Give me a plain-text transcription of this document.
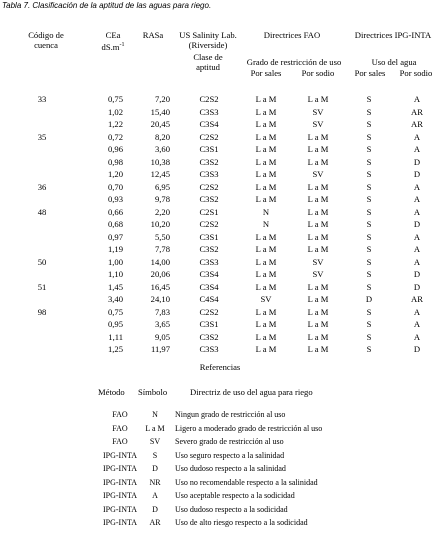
Tabla 7. Clasificación de la aptitud de las aguas para riego.
Código de
cuenca
CEa
$dS.m^{-1}$
RASa	US Salinity Lab.
(Riverside)
Clase de
aptitud
Directrices FAO
Grado de restricción de uso
Por sales	Por sodio
Directrices IPG-INTA
Uso del agua
Por sales	Por sodio
33	0,75	7,20	C2S2	L a M	L a M	S	A
1,02	15,40	C3S3	L a M	SV	S	AR
1,22	20,45	C3S4	L a M	SV	S	AR
35	0,72	8,20	C2S2	L a M	L a M	S	A
0,96	3,60	C3S1	L a M	L a M	S	A
0,98	10,38	C3S2	L a M	L a M	S	D
1,20	12,45	C3S3	L a M	SV	S	D
36	0,70	6,95	C2S2	L a M	L a M	S	A
0,93	9,78	C3S2	L a M	L a M	S	A
48	0,66	2,20	C2S1	N	L a M	S	A
0,68	10,20	C2S2	N	L a M	S	D
0,97	5,50	C3S1	L a M	L a M	S	A
1,19	7,78	C3S2	L a M	L a M	S	A
50	1,00	14,00	C3S3	L a M	SV	S	A
1,10	20,06	C3S4	L a M	SV	S	D
51	1,45	16,45	C3S4	L a M	L a M	S	D
3,40	24,10	C4S4	SV	L a M	D	AR
98	0,75	7,83	C2S2	L a M	L a M	S	A
0,95	3,65	C3S1	L a M	L a M	S	A
1,11	9,05	C3S2	L a M	L a M	S	A
1,25	11,97	C3S3	L a M	L a M	S	D
Referencias
Método Símbolo	Directriz de uso del agua para riego
FAO	N	Ningun grado de restricción al uso
FAO	L a M	Ligero a moderado grado de restricción al uso
FAO	SV	Severo grado de restricción al uso
IPG-INTA	S	Uso seguro respecto a la salinidad
IPG-INTA	D	Uso dudoso respecto a la salinidad
IPG-INTA	NR	Uso no recomendable respecto a la salinidad
IPG-INTA	A	Uso aceptable respecto a la sodicidad
IPG-INTA	D	Uso dudoso respecto a la sodicidad
IPG-INTA	AR	Uso de alto riesgo respecto a la sodicidad
